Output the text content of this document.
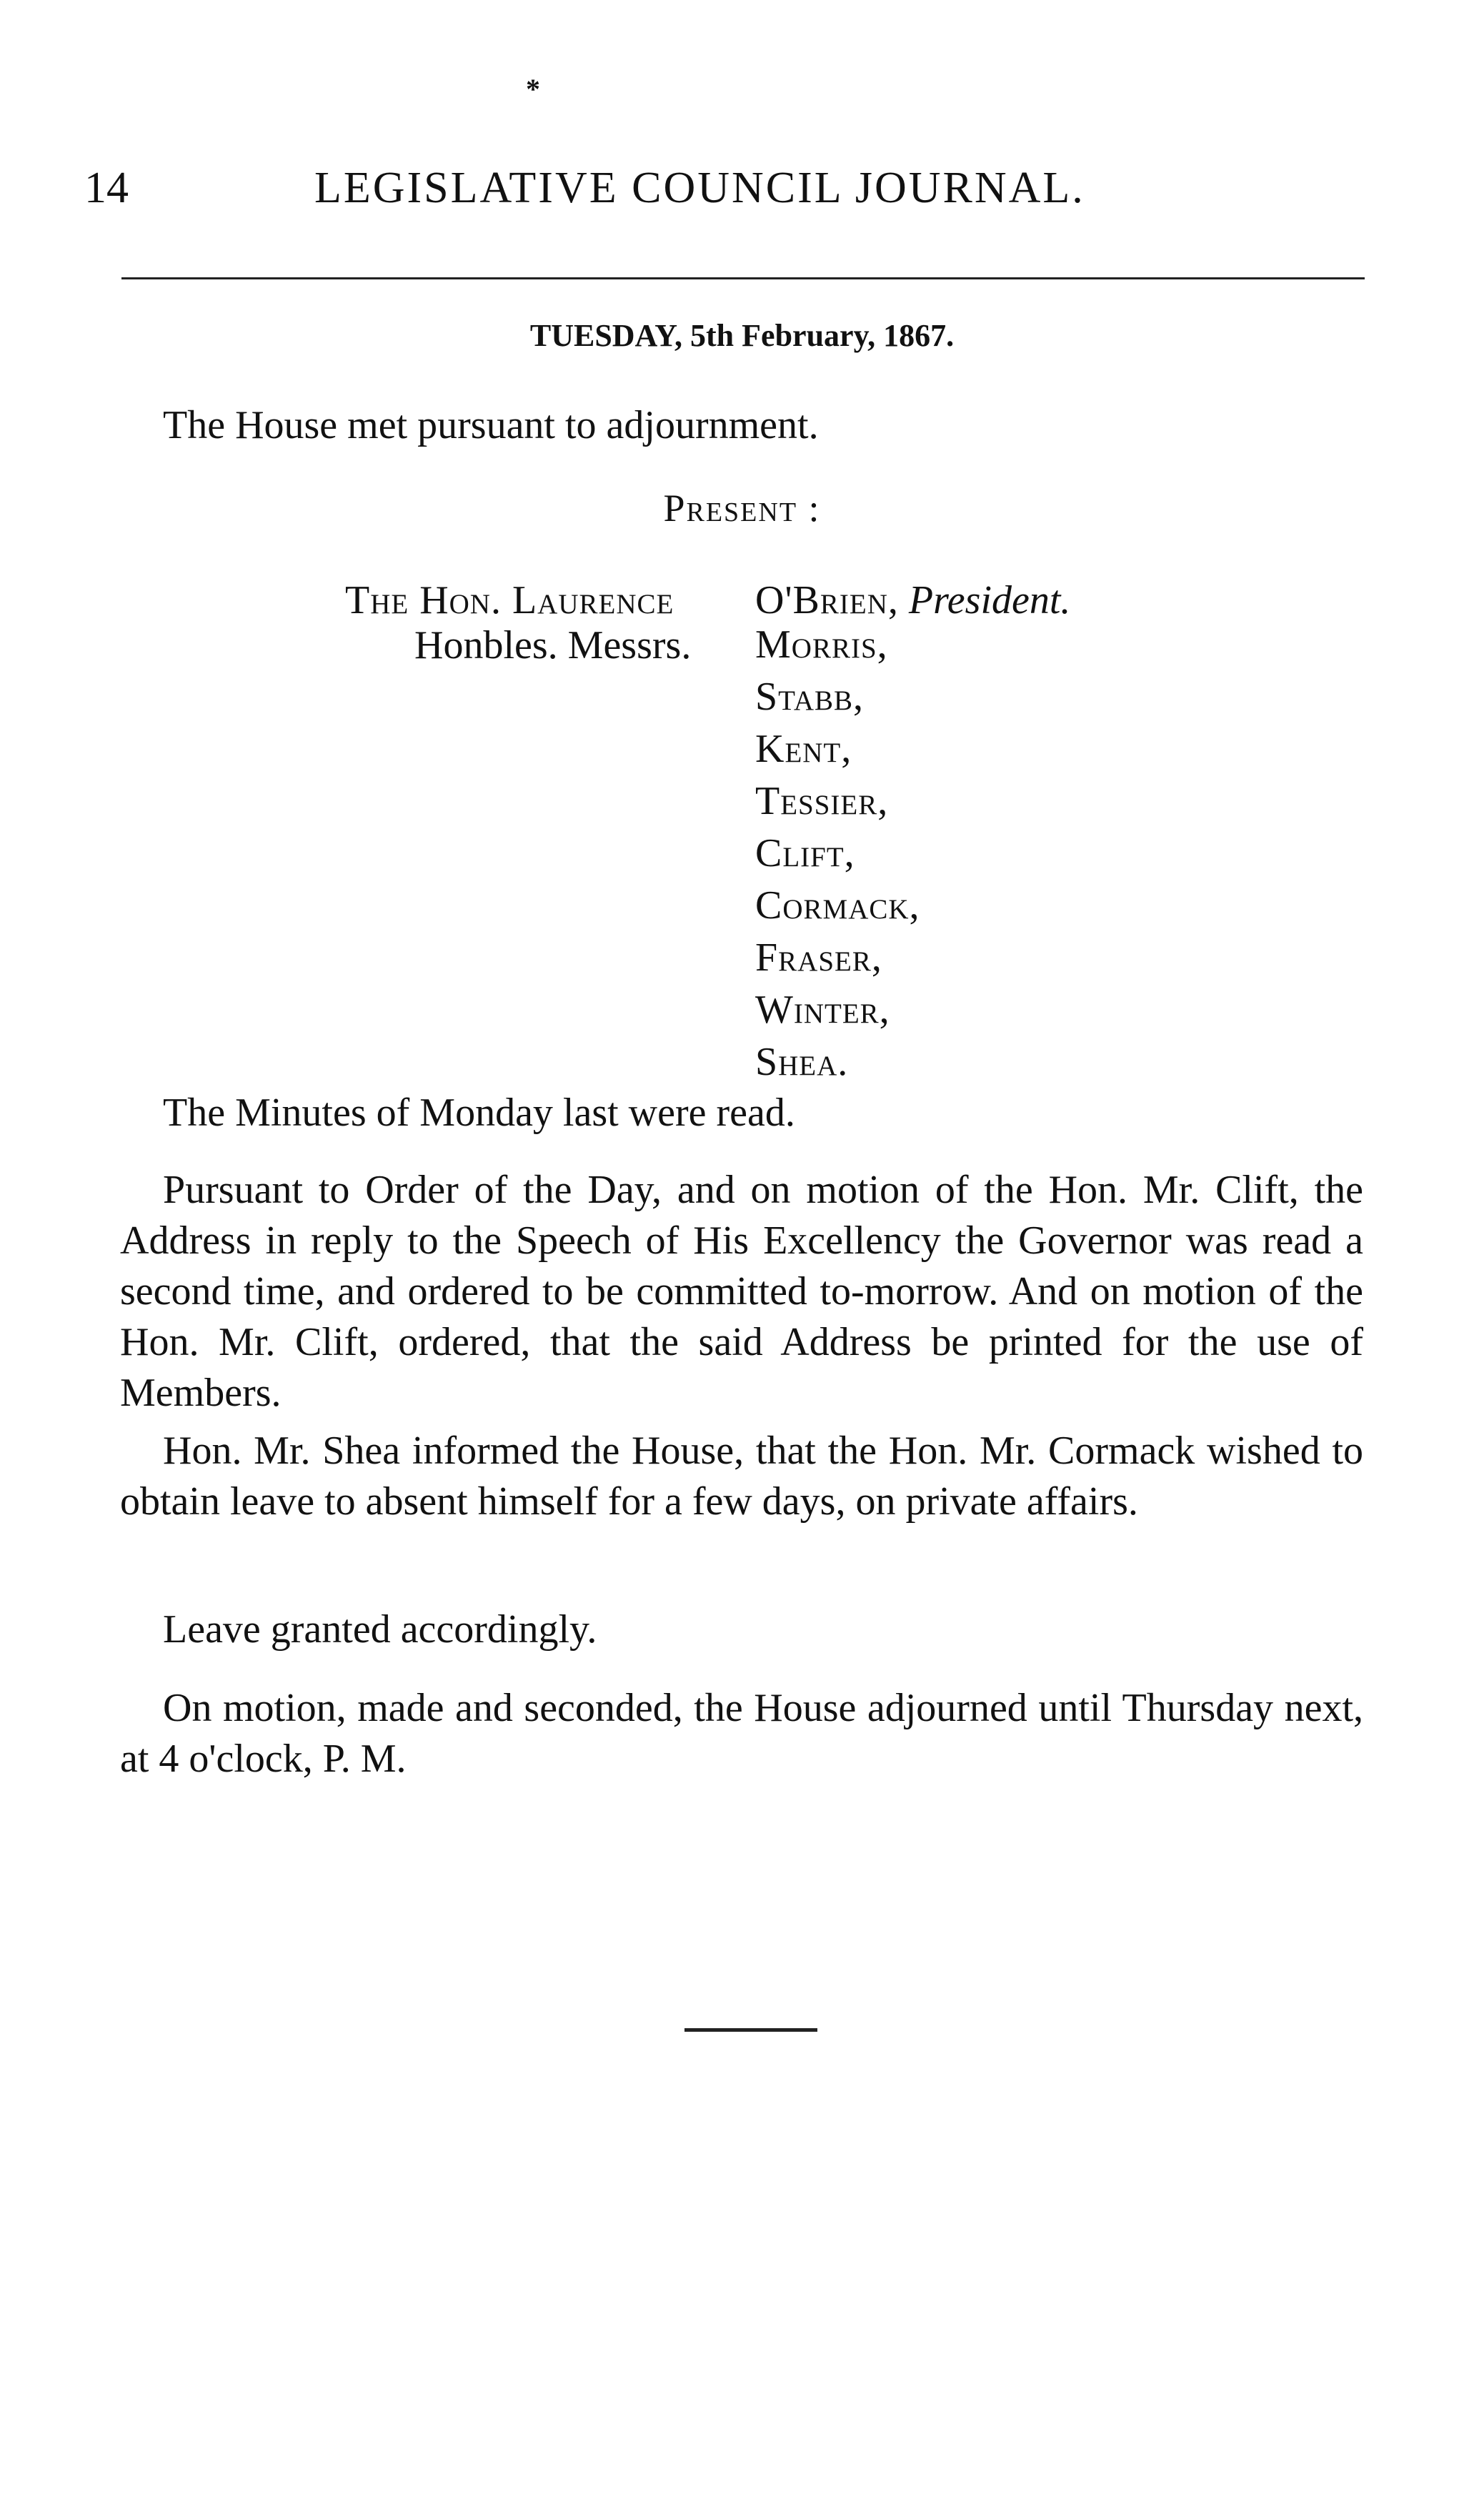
*
14	LEGISLATIVE COUNCIL JOURNAL.
TUESDAY, 5th February, 1867.

The House met pursuant to adjournment.

Present :
The Hon. Laurence O'Brien, President.
Honbles. Messrs. Morris,
Stabb,
Kent,
Tessier,
Clift,
Cormack,
Fraser,
Winter,
Shea.

The Minutes of Monday last were read.

Pursuant to Order of the Day, and on motion of the Hon. Mr. Clift, the Address in reply to the Speech of His Excellency the Governor was read a second time, and ordered to be committed to-morrow. And on motion of the Hon. Mr. Clift, ordered, that the said Address be printed for the use of Members.

Hon. Mr. Shea informed the House, that the Hon. Mr. Cormack wished to obtain leave to absent himself for a few days, on private affairs.

Leave granted accordingly.

On motion, made and seconded, the House adjourned until Thursday next, at 4 o'clock, P. M.
